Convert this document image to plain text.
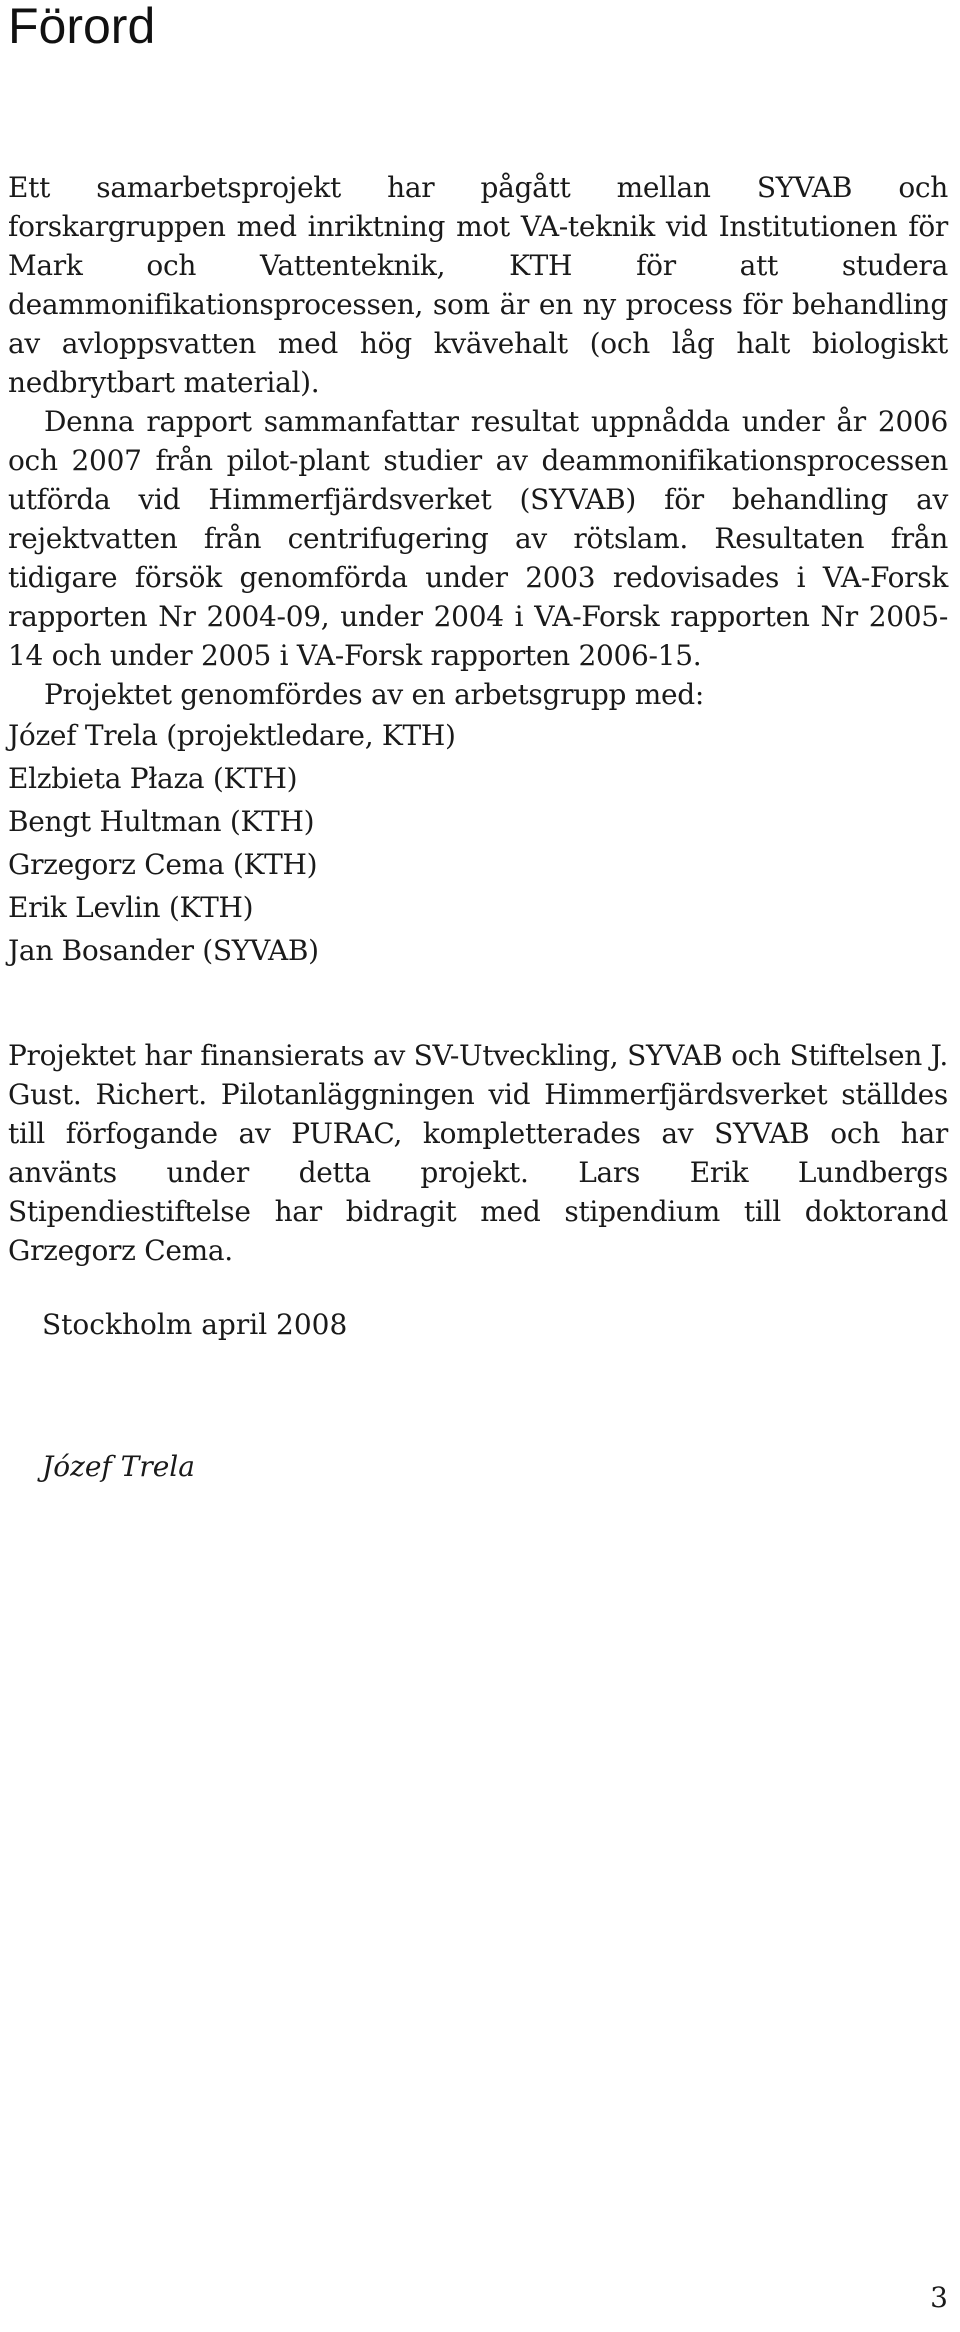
Förord

Ett samarbetsprojekt har pågått mellan SYVAB och forskargruppen med inriktning mot VA-teknik vid Institutionen för Mark och Vattenteknik, KTH för att studera deammonifikationsprocessen, som är en ny process för behandling av avloppsvatten med hög kvävehalt (och låg halt biologiskt nedbrytbart material).

Denna rapport sammanfattar resultat uppnådda under år 2006 och 2007 från pilot-plant studier av deammonifikationsprocessen utförda vid Himmerfjärdsverket (SYVAB) för behandling av rejektvatten från centrifugering av rötslam. Resultaten från tidigare försök genomförda under 2003 redovisades i VA-Forsk rapporten Nr 2004-09, under 2004 i VA-Forsk rapporten Nr 2005-14 och under 2005 i VA-Forsk rapporten 2006-15.

Projektet genomfördes av en arbetsgrupp med:

Józef Trela (projektledare, KTH)
Elzbieta Płaza (KTH)
Bengt Hultman (KTH)
Grzegorz Cema (KTH)
Erik Levlin (KTH)
Jan Bosander (SYVAB)

Projektet har finansierats av SV-Utveckling, SYVAB och Stiftelsen J. Gust. Richert. Pilotanläggningen vid Himmerfjärdsverket ställdes till förfogande av PURAC, kompletterades av SYVAB och har använts under detta projekt. Lars Erik Lundbergs Stipendiestiftelse har bidragit med stipendium till doktorand Grzegorz Cema.

Stockholm april 2008
Józef Trela
3
